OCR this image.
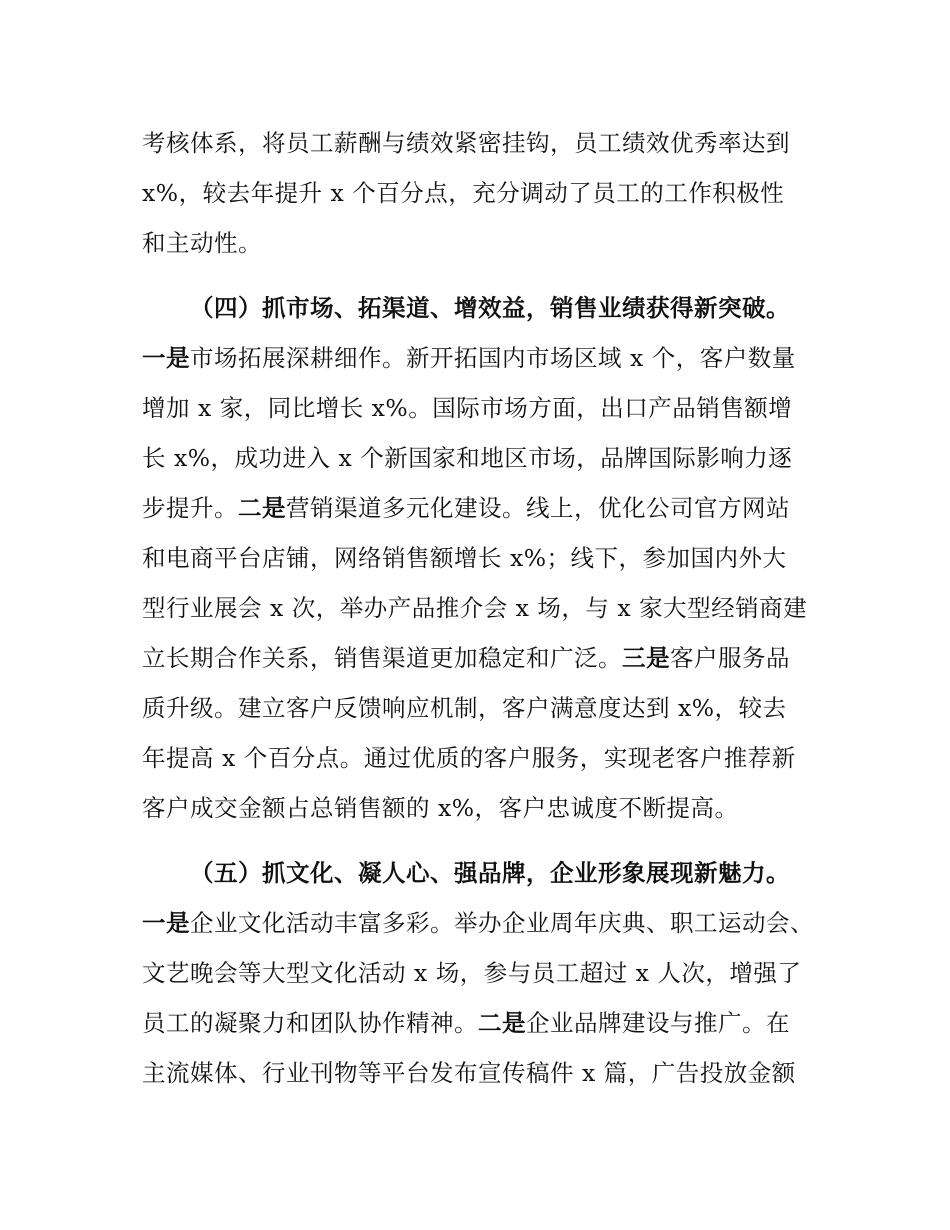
考核体系，将员工薪酬与绩效紧密挂钩，员工绩效优秀率达到
x%，较去年提升 x 个百分点，充分调动了员工的工作积极性
和主动性。
（四）抓市场、拓渠道、增效益，销售业绩获得新突破。
一是市场拓展深耕细作。新开拓国内市场区域 x 个，客户数量
增加 x 家，同比增长 x%。国际市场方面，出口产品销售额增
长 x%，成功进入 x 个新国家和地区市场，品牌国际影响力逐
步提升。二是营销渠道多元化建设。线上，优化公司官方网站
和电商平台店铺，网络销售额增长 x%；线下，参加国内外大
型行业展会 x 次，举办产品推介会 x 场，与 x 家大型经销商建
立长期合作关系，销售渠道更加稳定和广泛。三是客户服务品
质升级。建立客户反馈响应机制，客户满意度达到 x%，较去
年提高 x 个百分点。通过优质的客户服务，实现老客户推荐新
客户成交金额占总销售额的 x%，客户忠诚度不断提高。
（五）抓文化、凝人心、强品牌，企业形象展现新魅力。
一是企业文化活动丰富多彩。举办企业周年庆典、职工运动会、
文艺晚会等大型文化活动 x 场，参与员工超过 x 人次，增强了
员工的凝聚力和团队协作精神。二是企业品牌建设与推广。在
主流媒体、行业刊物等平台发布宣传稿件 x 篇，广告投放金额
